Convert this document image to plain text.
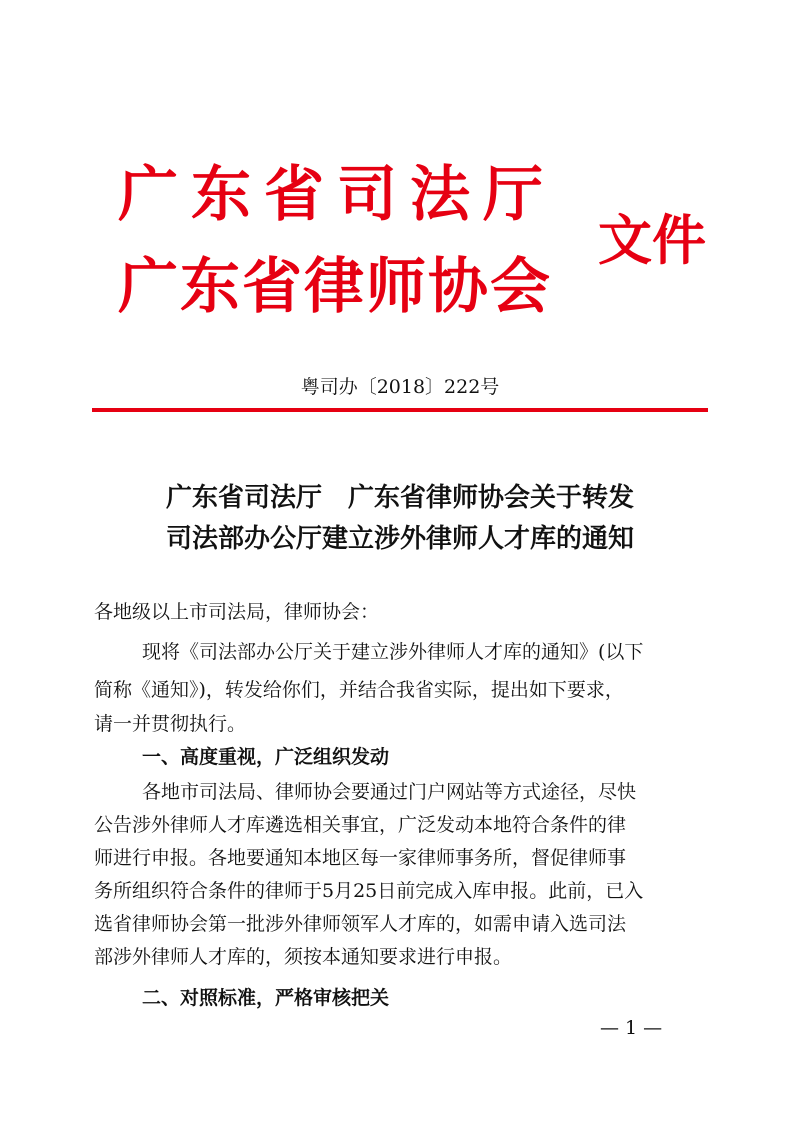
广东省司法厅
广东省律师协会
文件
粤司办〔2018〕222号
广东省司法厅　广东省律师协会关于转发
司法部办公厅建立涉外律师人才库的通知
各地级以上市司法局，律师协会：
现将《司法部办公厅关于建立涉外律师人才库的通知》(以下
简称《通知》)，转发给你们，并结合我省实际，提出如下要求，
请一并贯彻执行。
一、高度重视，广泛组织发动
各地市司法局、律师协会要通过门户网站等方式途径，尽快
公告涉外律师人才库遴选相关事宜，广泛发动本地符合条件的律
师进行申报。各地要通知本地区每一家律师事务所，督促律师事
务所组织符合条件的律师于5月25日前完成入库申报。此前，已入
选省律师协会第一批涉外律师领军人才库的，如需申请入选司法
部涉外律师人才库的，须按本通知要求进行申报。
二、对照标准，严格审核把关
— 1 —
